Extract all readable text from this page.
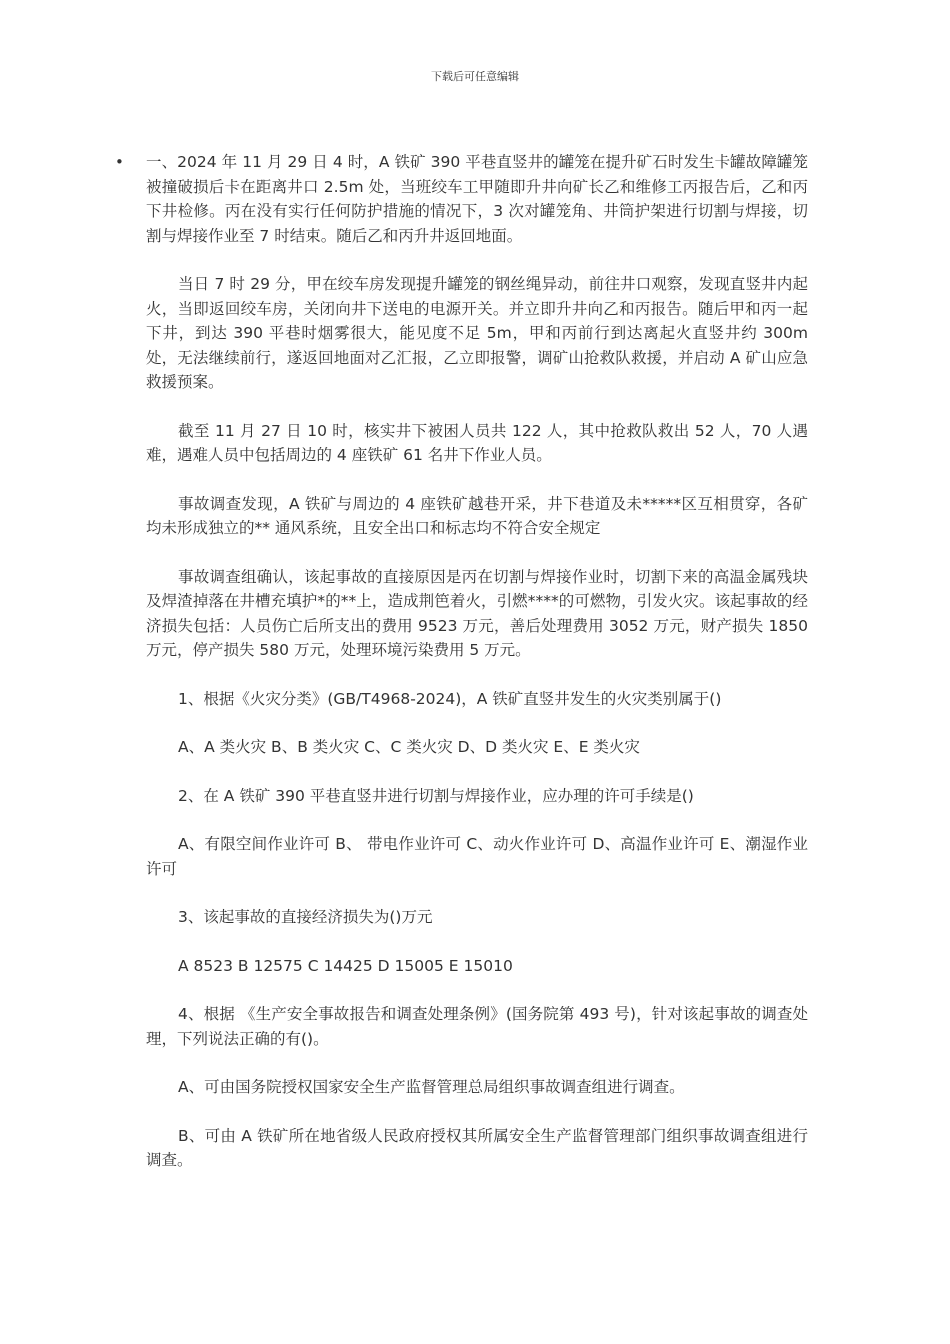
下载后可任意编辑
• 一、2024 年 11 月 29 日 4 时，A 铁矿 390 平巷直竖井的罐笼在提升矿石时发生卡罐故障罐笼被撞破损后卡在距离井口 2.5m 处，当班绞车工甲随即升井向矿长乙和维修工丙报告后，乙和丙下井检修。丙在没有实行任何防护措施的情况下，3 次对罐笼角、井筒护架进行切割与焊接，切割与焊接作业至 7 时结束。随后乙和丙升井返回地面。

当日 7 时 29 分，甲在绞车房发现提升罐笼的钢丝绳异动，前往井口观察，发现直竖井内起火，当即返回绞车房，关闭向井下送电的电源开关。并立即升井向乙和丙报告。随后甲和丙一起下井，到达 390 平巷时烟雾很大，能见度不足 5m，甲和丙前行到达离起火直竖井约 300m 处，无法继续前行，遂返回地面对乙汇报，乙立即报警，调矿山抢救队救援，并启动 A 矿山应急救援预案。

截至 11 月 27 日 10 时，核实井下被困人员共 122 人，其中抢救队救出 52 人，70 人遇难，遇难人员中包括周边的 4 座铁矿 61 名井下作业人员。

事故调查发现，A 铁矿与周边的 4 座铁矿越巷开采，井下巷道及未*****区互相贯穿，各矿均未形成独立的** 通风系统，且安全出口和标志均不符合安全规定

事故调查组确认，该起事故的直接原因是丙在切割与焊接作业时，切割下来的高温金属残块及焊渣掉落在井槽充填护*的**上，造成荆笆着火，引燃****的可燃物，引发火灾。该起事故的经济损失包括：人员伤亡后所支出的费用 9523 万元，善后处理费用 3052 万元，财产损失 1850 万元，停产损失 580 万元，处理环境污染费用 5 万元。

1、根据《火灾分类》(GB/T4968-2024)，A 铁矿直竖井发生的火灾类别属于()

A、A 类火灾 B、B 类火灾 C、C 类火灾 D、D 类火灾 E、E 类火灾

2、在 A 铁矿 390 平巷直竖井进行切割与焊接作业，应办理的许可手续是()

A、有限空间作业许可 B、 带电作业许可 C、动火作业许可 D、高温作业许可 E、潮湿作业许可

3、该起事故的直接经济损失为()万元

A 8523 B 12575 C 14425 D 15005 E 15010

4、根据 《生产安全事故报告和调查处理条例》(国务院第 493 号)，针对该起事故的调查处理，下列说法正确的有()。

A、可由国务院授权国家安全生产监督管理总局组织事故调查组进行调查。

B、可由 A 铁矿所在地省级人民政府授权其所属安全生产监督管理部门组织事故调查组进行调查。
